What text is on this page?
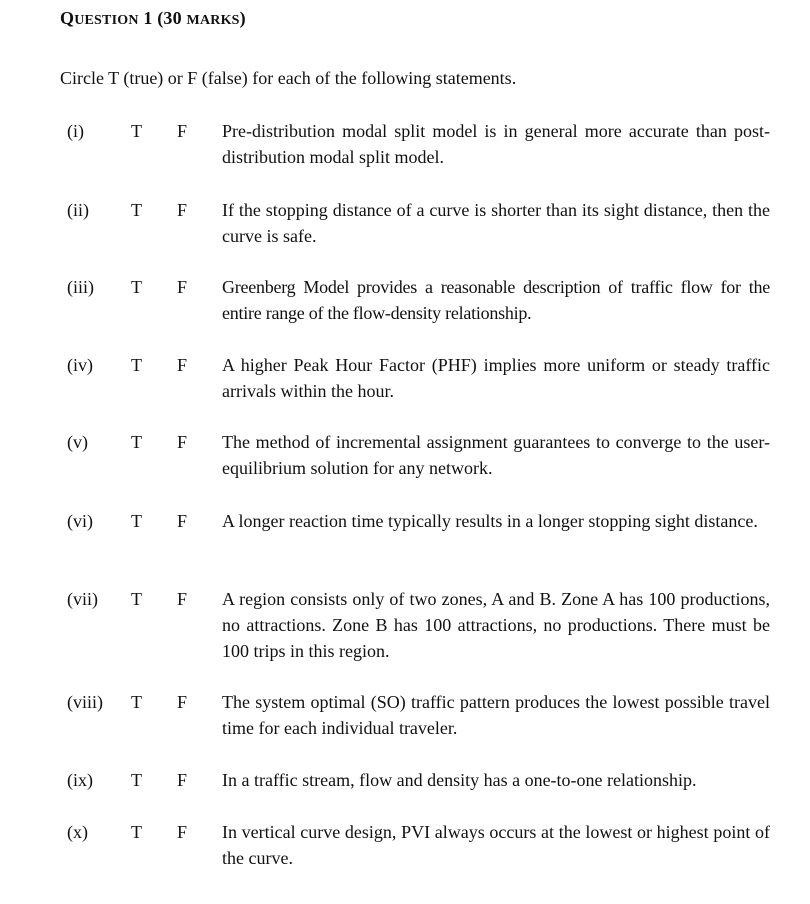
QUESTION 1 (30 MARKS)
Circle T (true) or F (false) for each of the following statements.
(i)	T F Pre-distribution modal split model is in general more accurate than post-distribution modal split model.
(ii) T F If the stopping distance of a curve is shorter than its sight distance, then the curve is safe.
(iii) T F Greenberg Model provides a reasonable description of traffic flow for the entire range of the flow-density relationship.
(iv) T F A higher Peak Hour Factor (PHF) implies more uniform or steady traffic arrivals within the hour.
(v) T F The method of incremental assignment guarantees to converge to the user-equilibrium solution for any network.
(vi) T F A longer reaction time typically results in a longer stopping sight distance.
(vii) T F A region consists only of two zones, A and B. Zone A has 100 productions, no attractions. Zone B has 100 attractions, no productions. There must be 100 trips in this region.
(viii) T F The system optimal (SO) traffic pattern produces the lowest possible travel time for each individual traveler.
(ix) T F In a traffic stream, flow and density has a one-to-one relationship.
(x) T F In vertical curve design, PVI always occurs at the lowest or highest point of the curve.
